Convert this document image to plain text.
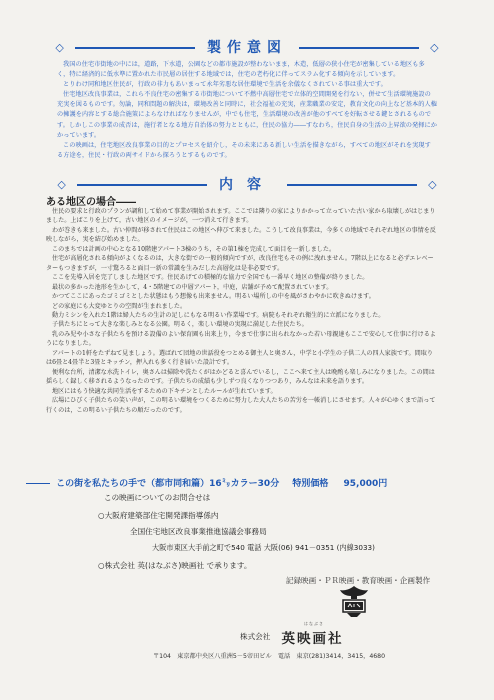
◇	製作意図	◇

我国の住宅市街地の中には，道路，下水道，公園などの都市施設が整わないまま，木造，低層の狭小住宅が密集している地区も多く，特に経済的に低水準に置かれた市民層の居住する地域では，住宅の老朽化に伴ってスラム化する傾向を示しています。

とりわけ同和地区住民が，行政の非力もあいまって永年劣悪な居住環境で生活を余儀なくされている事は重大です。

住宅地区改良事業は，これら不良住宅の密集する市街地について不燃中高層住宅で立体的空間開発を行ない，併せて生活環境施設の充実を図るものです。勿論，同和問題の解決は，環境改善と同時に，社会福祉の充実，産業職業の安定，教育文化の向上など基本的人権の擁護を内容とする総合施策によらなければなりませんが，中でも住宅，生活環境の改善が他のすべてを好転させる鍵とされるものです。しかしこの事業の成否は，施行者となる地方自治体の努力とともに，住民の協力――すなわち，住民自身の生活の上昇欲の発揮にかかっています。

この映画は，住宅地区改良事業の目的とプロセスを紹介し，その未来にある新しい生活を描きながら，すべての地区がそれを実現する方途を，住民・行政の両サイドから探ろうとするものです。

◇	内容	◇
ある地区の場合――

住民の要求と行政のプランが調和して始めて事業が開始されます。ここでは隣りの家によりかかって立っていた古い家から取壊しがはじまりました。上ばこりを上げて，古い地区のイメージが，一つ消えて行きます。

わが巻きも来ました。古い仲間が移されて住民はこの地区へ伸びて来ました。こうして改良事業は，今多くの地域でそれぞれ地区の事情を反映しながら，実を結び始めました。

このまちでは計画の中心となる10階建アパート3棟のうち，その第1棟を完成して面目を一新しました。

住宅が高層化される傾向がよくなるのは，大きな街での一般的傾向ですが，改良住宅もその例に洩れません。7階以上になると必ずエレベーターもつきますが，一寸驚ろると面目一新の常識を生みだした高層化は是非必要です。

ここを先導入居を完了しました地区です。住民あげての積極的な協力で全国でも一番早く地区の整備が終りました。

最状の多かった池形を生かして，4・5階建ての中層アパート，中庭，店舗が予めて配置されています。

かつてここにあったゴミゴミとした状態はもう想像も出来ません。明るい場所しの中を風がさわやかに吹きぬけます。

どの家庭にも大変ゆとりの空間が生まれました。

動力ミシンを入れた1階は婦人たちの生計の足しにもなる明るい作業場です。病院もそれぞれ衛生的に立派になりました。

子供たちにとって大きな楽しみとなる公園。明るく，楽しい環境の実現に満足した住民たち。

乳のみ児や小さな子供たちを預ける設備のよい保育園も出来上り，今まで仕事に出られなかった若い母親達もここで安心して仕事に行けるようになりました。

アパートの1軒をたずねて見ましょう。選ばれて団地の世話役をつとめる御主人と奥さん，中学と小学生の子供二人の四人家族です。間取りは6畳と4畳半と3畳とキッチン，押入れも多く行き届いた設計です。

便利な台所，清潔な水洗トイレ，奥さんは掃除や洗たくがはかどると喜んでいるし，ここへ来て主人は晩酌も楽しみになりました。この間は揺らしく録しく移されるようなったのです。子供たちの成績も少しずつ良くなりつつあり，みんなは未来を語ります。

地区にはもう快適な共同生活をするための下キチンとしたルールが生れています。

広場にひびく子供たちの笑い声が，この明るい環境をつくるために努力した大人たちの苦労を一帳消しにさせます。人々が心ゆくまで語って行くのは，この明るい子供たちの順だったのです。

この街を私たちの手で（都市同和篇）16㍉カラー30分 特別価格 95,000円
この映画についてのお問合せは
○大阪府建築部住宅開発課指導係内
全国住宅地区改良事業推進協議会事務局
大阪市東区大手前之町で540 電話 大阪(06) 941－0351 (内線3033)
○株式会社 英(はなぶさ)映画社 で承ります。
記録映画・ＰＲ映画・教育映画・企画製作
はなぶさ
株式会社 英映画社
〒104　東京都中央区八重洲5－5帝田ビル　電話　東京(281)3414，3415，4680
